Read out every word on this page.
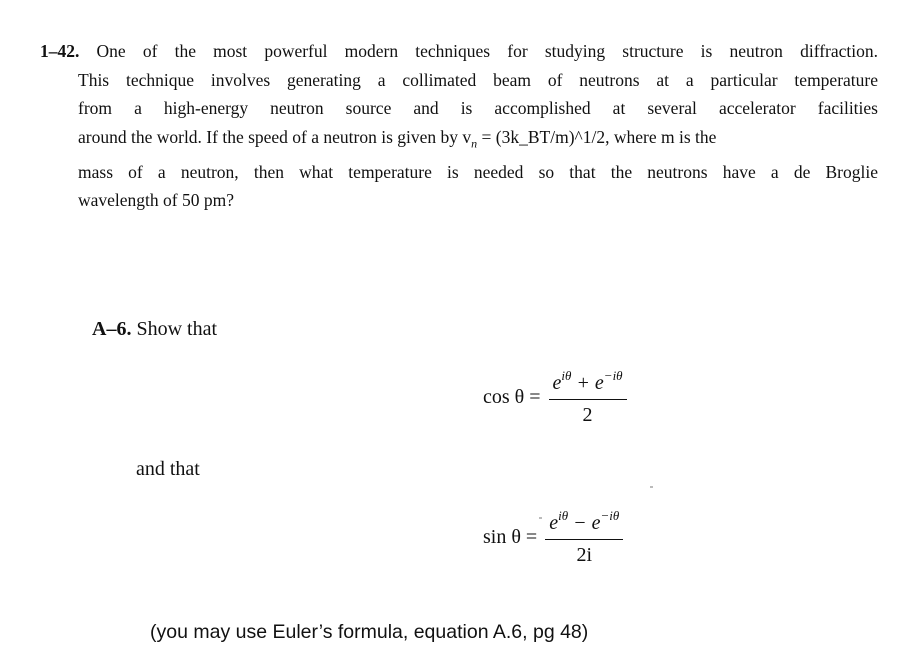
1–42. One of the most powerful modern techniques for studying structure is neutron diffraction.
This technique involves generating a collimated beam of neutrons at a particular temperature
from a high-energy neutron source and is accomplished at several accelerator facilities
around the world. If the speed of a neutron is given by $v_n$ = (3k_BT/m)^1/2, where m is the
mass of a neutron, then what temperature is needed so that the neutrons have a de Broglie
wavelength of 50 pm?
A–6. Show that
$\cos \theta = \frac{e^{i\theta} + e^{-i\theta}}{2}$
and that
$\sin \theta = \frac{e^{i\theta} - e^{-i\theta}}{2i}$
(you may use Euler’s formula, equation A.6, pg 48)
